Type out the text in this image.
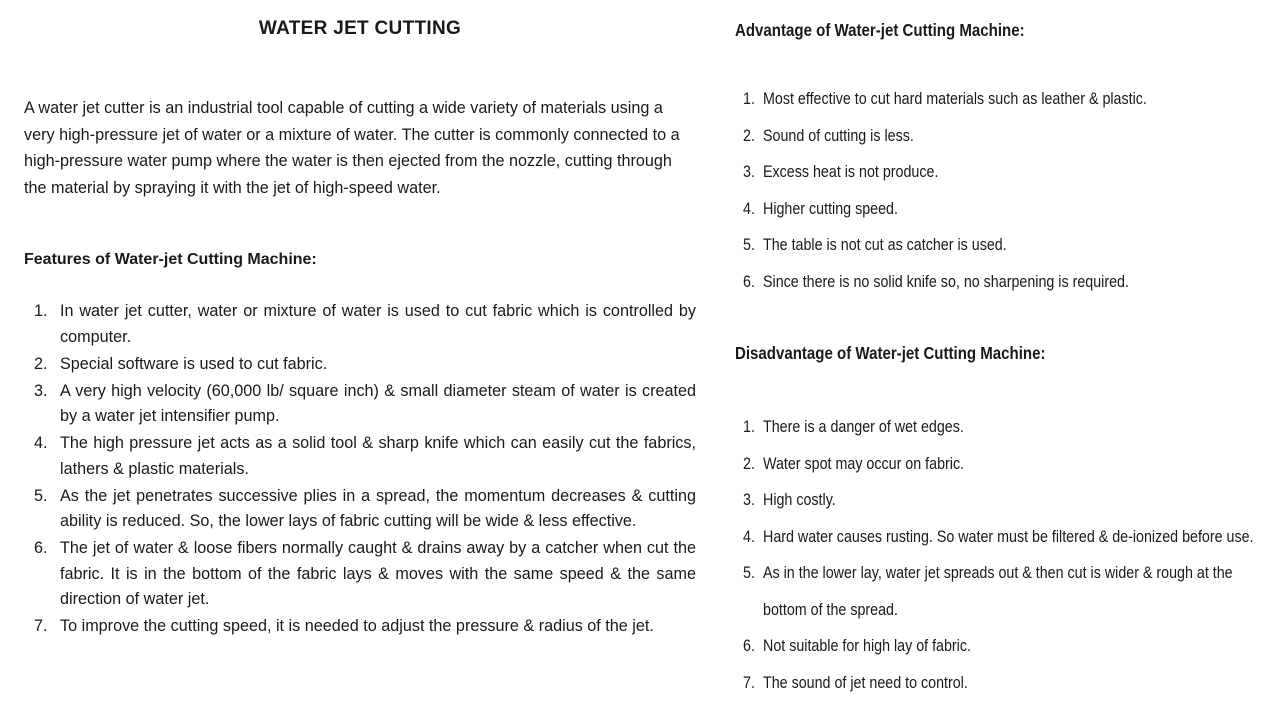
WATER JET CUTTING

A water jet cutter is an industrial tool capable of cutting a wide variety of materials using a very high-pressure jet of water or a mixture of water. The cutter is commonly connected to a high-pressure water pump where the water is then ejected from the nozzle, cutting through the material by spraying it with the jet of high-speed water.

Features of Water-jet Cutting Machine:
1. In water jet cutter, water or mixture of water is used to cut fabric which is controlled by computer.
2. Special software is used to cut fabric.
3. A very high velocity (60,000 lb/ square inch) & small diameter steam of water is created by a water jet intensifier pump.
4. The high pressure jet acts as a solid tool & sharp knife which can easily cut the fabrics, lathers & plastic materials.
5. As the jet penetrates successive plies in a spread, the momentum decreases & cutting ability is reduced. So, the lower lays of fabric cutting will be wide & less effective.
6. The jet of water & loose fibers normally caught & drains away by a catcher when cut the fabric. It is in the bottom of the fabric lays & moves with the same speed & the same direction of water jet.
7. To improve the cutting speed, it is needed to adjust the pressure & radius of the jet.
Advantage of Water-jet Cutting Machine:
1. Most effective to cut hard materials such as leather & plastic.
2. Sound of cutting is less.
3. Excess heat is not produce.
4. Higher cutting speed.
5. The table is not cut as catcher is used.
6. Since there is no solid knife so, no sharpening is required.
Disadvantage of Water-jet Cutting Machine:
1. There is a danger of wet edges.
2. Water spot may occur on fabric.
3. High costly.
4. Hard water causes rusting. So water must be filtered & de-ionized before use.
5. As in the lower lay, water jet spreads out & then cut is wider & rough at the bottom of the spread.
6. Not suitable for high lay of fabric.
7. The sound of jet need to control.
